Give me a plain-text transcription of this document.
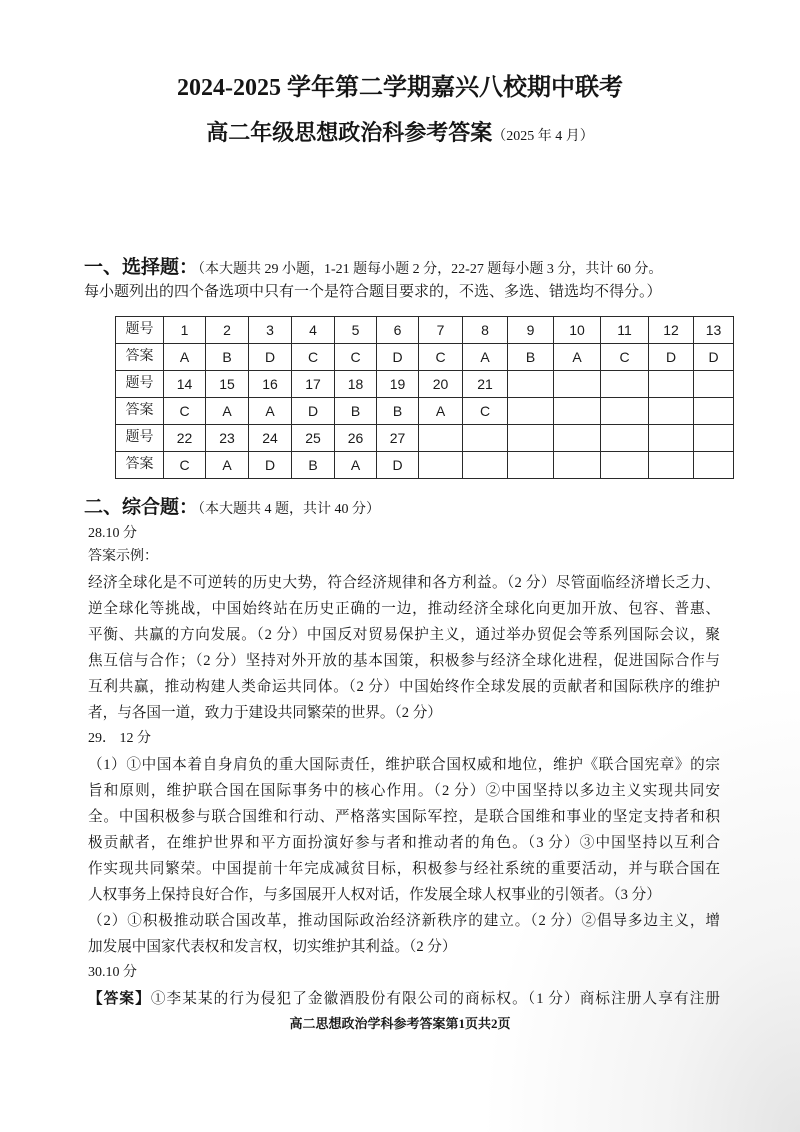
2024-2025 学年第二学期嘉兴八校期中联考
高二年级思想政治科参考答案（2025 年 4 月）
一、选择题：（本大题共 29 小题，1-21 题每小题 2 分，22-27 题每小题 3 分，共计 60 分。
每小题列出的四个备选项中只有一个是符合题目要求的，不选、多选、错选均不得分。）
题号	1	2	3	4	5	6	7	8	9	10	11	12	13
答案	A	B	D	C	C	D	C	A	B	A	C	D	D
题号	14	15	16	17	18	19	20	21					
答案	C	A	A	D	B	B	A	C					
题号	22	23	24	25	26	27							
答案	C	A	D	B	A	D							
二、综合题：（本大题共 4 题，共计 40 分）
28.10 分
答案示例：
经济全球化是不可逆转的历史大势，符合经济规律和各方利益。（2 分）尽管面临经济增长乏力、
逆全球化等挑战，中国始终站在历史正确的一边，推动经济全球化向更加开放、包容、普惠、
平衡、共赢的方向发展。（2 分）中国反对贸易保护主义，通过举办贸促会等系列国际会议，聚
焦互信与合作；（2 分）坚持对外开放的基本国策，积极参与经济全球化进程，促进国际合作与
互利共赢，推动构建人类命运共同体。（2 分）中国始终作全球发展的贡献者和国际秩序的维护
者，与各国一道，致力于建设共同繁荣的世界。（2 分）
29． 12 分
（1）①中国本着自身肩负的重大国际责任，维护联合国权威和地位，维护《联合国宪章》的宗
旨和原则，维护联合国在国际事务中的核心作用。（2 分）②中国坚持以多边主义实现共同安
全。中国积极参与联合国维和行动、严格落实国际军控，是联合国维和事业的坚定支持者和积
极贡献者，在维护世界和平方面扮演好参与者和推动者的角色。（3 分）③中国坚持以互利合
作实现共同繁荣。中国提前十年完成减贫目标，积极参与经社系统的重要活动，并与联合国在
人权事务上保持良好合作，与多国展开人权对话，作发展全球人权事业的引领者。（3 分）
（2）①积极推动联合国改革，推动国际政治经济新秩序的建立。（2 分）②倡导多边主义，增
加发展中国家代表权和发言权，切实维护其利益。（2 分）
30.10 分
【答案】①李某某的行为侵犯了金徽酒股份有限公司的商标权。（1 分）商标注册人享有注册
高二思想政治学科参考答案第1页共2页
